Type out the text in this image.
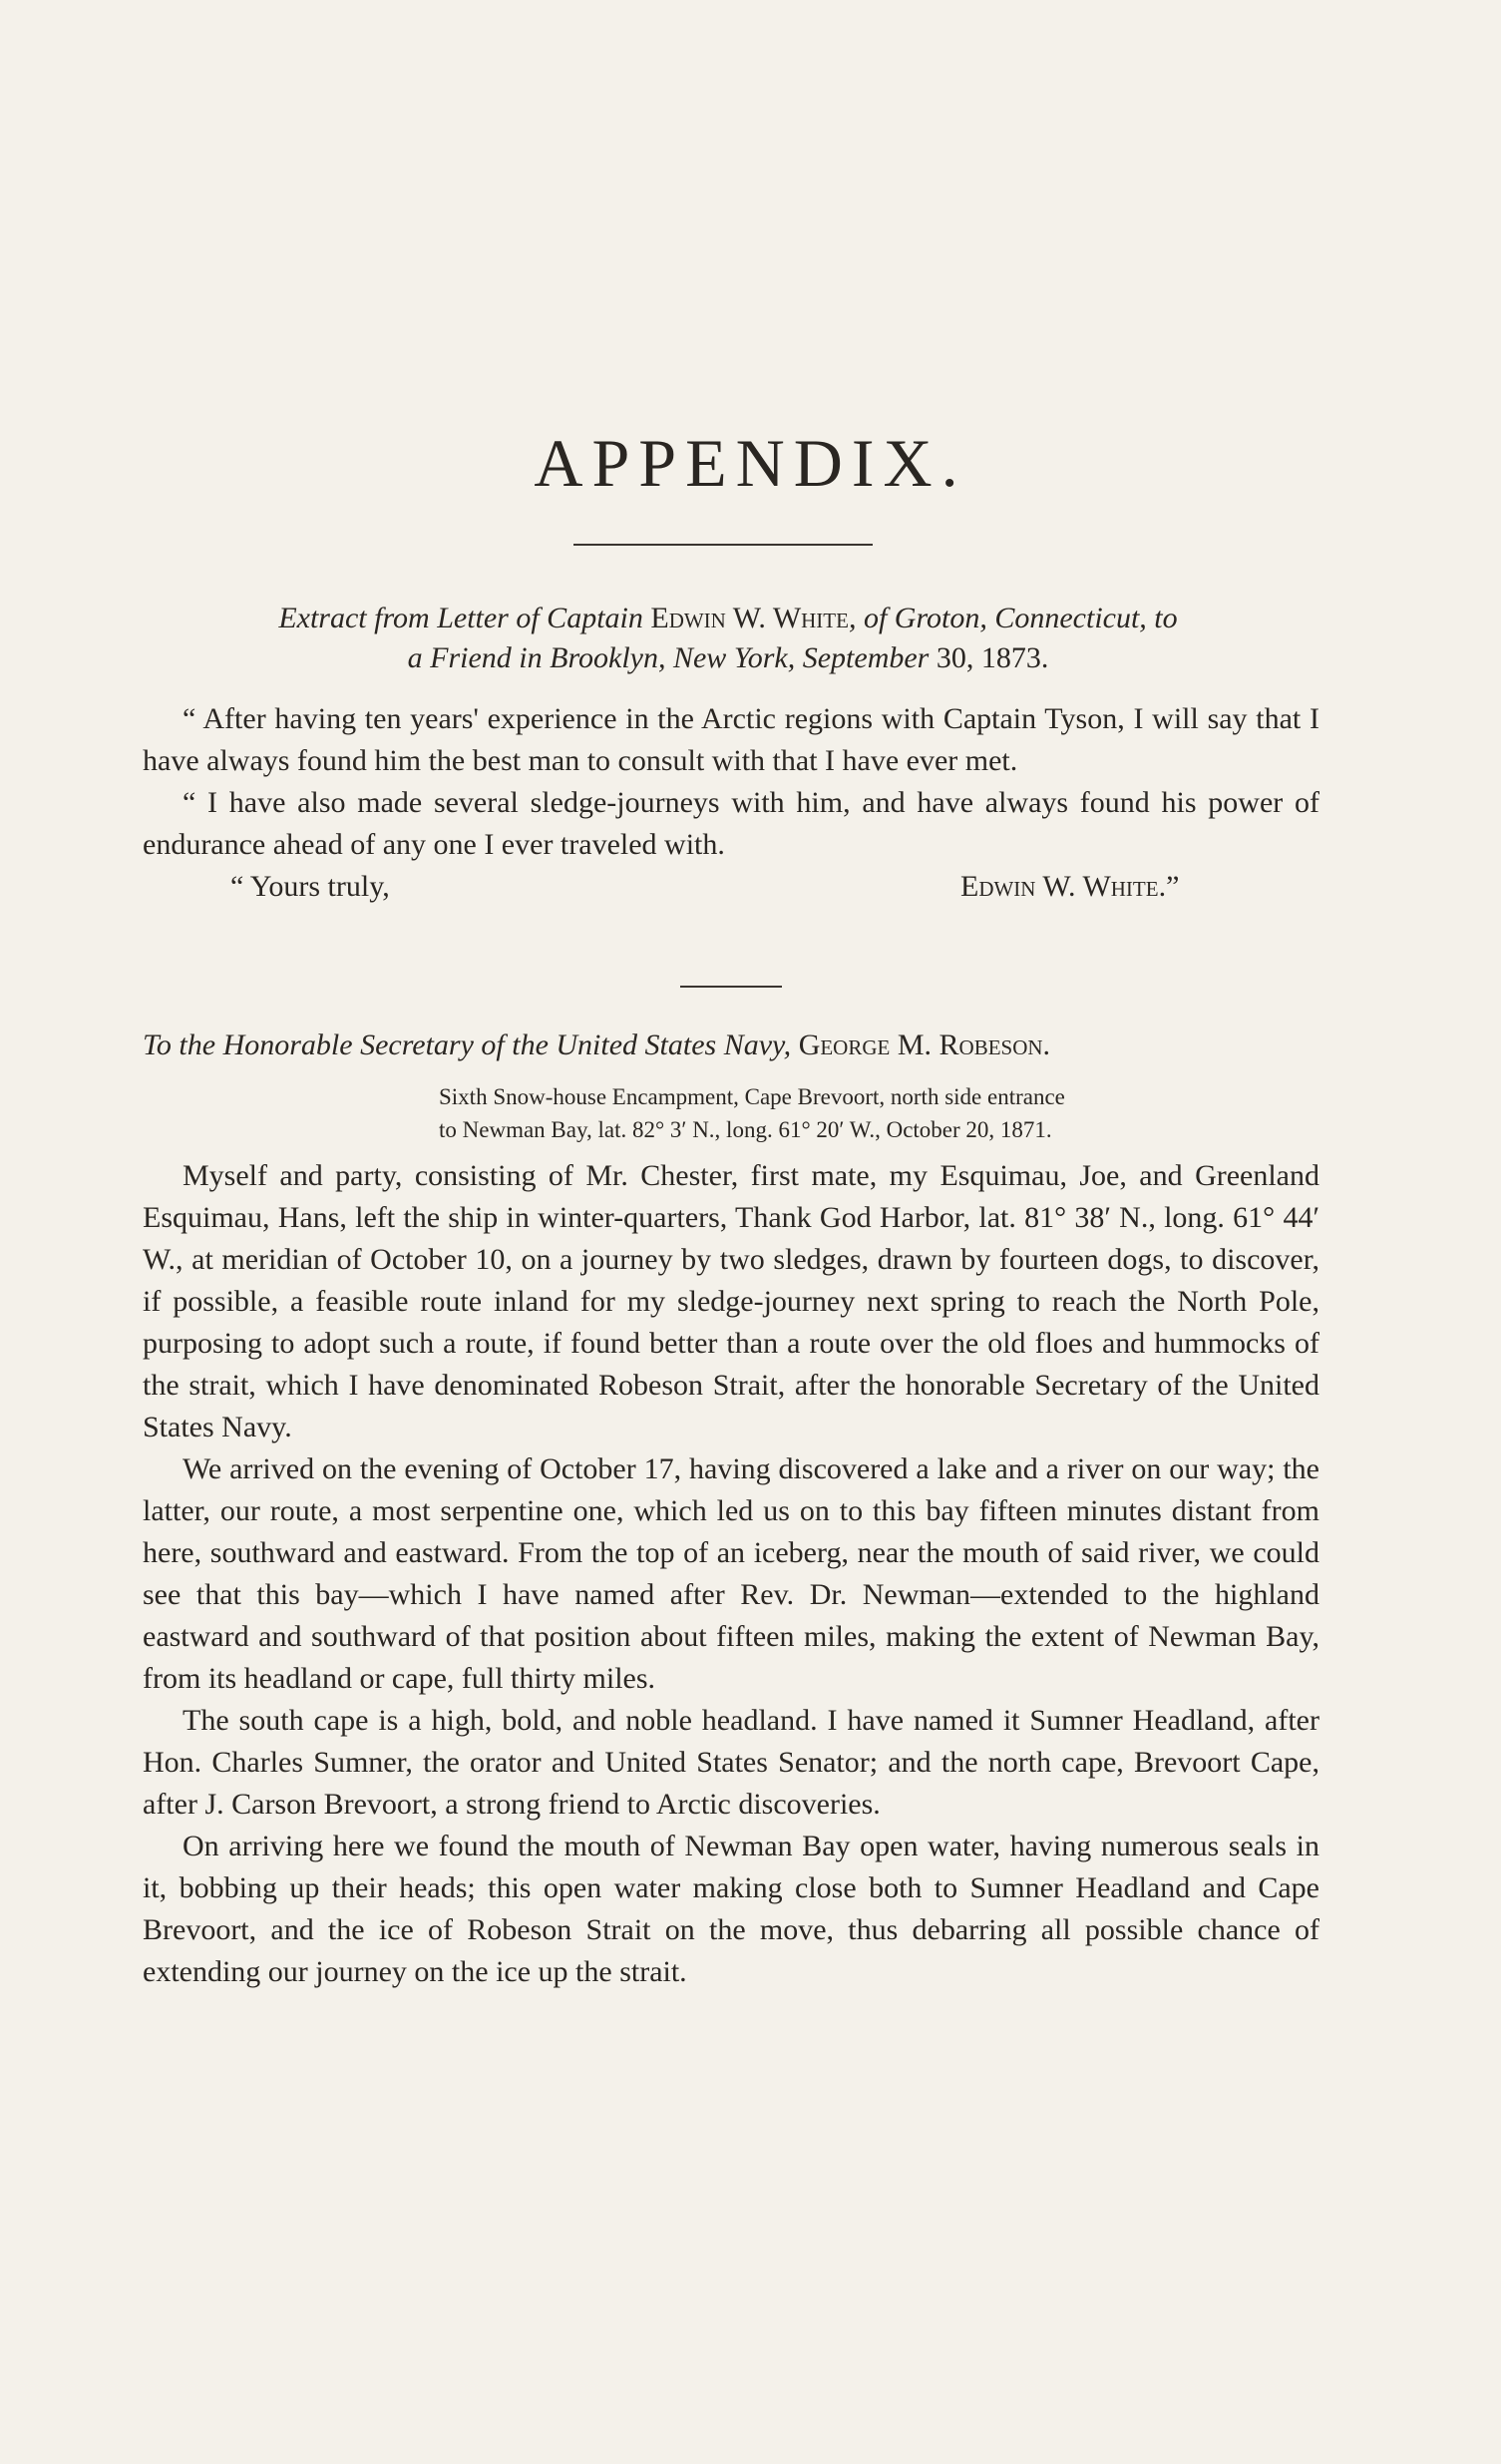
APPENDIX.
Extract from Letter of Captain Edwin W. White, of Groton, Connecticut, to
a Friend in Brooklyn, New York, September 30, 1873.

“ After having ten years' experience in the Arctic regions with Captain Tyson, I will say that I have always found him the best man to consult with that I have ever met.

“ I have also made several sledge-journeys with him, and have always found his power of endurance ahead of any one I ever traveled with.

“ Yours truly,	Edwin W. White.”

To the Honorable Secretary of the United States Navy, George M. Robeson.
Sixth Snow-house Encampment, Cape Brevoort, north side entrance
to Newman Bay, lat. 82° 3′ N., long. 61° 20′ W., October 20, 1871.

Myself and party, consisting of Mr. Chester, first mate, my Esquimau, Joe, and Greenland Esquimau, Hans, left the ship in winter-quarters, Thank God Harbor, lat. 81° 38′ N., long. 61° 44′ W., at meridian of October 10, on a journey by two sledges, drawn by fourteen dogs, to discover, if possible, a feasible route inland for my sledge-journey next spring to reach the North Pole, purposing to adopt such a route, if found better than a route over the old floes and hummocks of the strait, which I have denominated Robeson Strait, after the honorable Secretary of the United States Navy.

We arrived on the evening of October 17, having discovered a lake and a river on our way; the latter, our route, a most serpentine one, which led us on to this bay fifteen minutes distant from here, southward and eastward. From the top of an iceberg, near the mouth of said river, we could see that this bay—which I have named after Rev. Dr. Newman—extended to the highland eastward and southward of that position about fifteen miles, making the extent of Newman Bay, from its headland or cape, full thirty miles.

The south cape is a high, bold, and noble headland. I have named it Sumner Headland, after Hon. Charles Sumner, the orator and United States Senator; and the north cape, Brevoort Cape, after J. Carson Brevoort, a strong friend to Arctic discoveries.

On arriving here we found the mouth of Newman Bay open water, having numerous seals in it, bobbing up their heads; this open water making close both to Sumner Headland and Cape Brevoort, and the ice of Robeson Strait on the move, thus debarring all possible chance of extending our journey on the ice up the strait.
